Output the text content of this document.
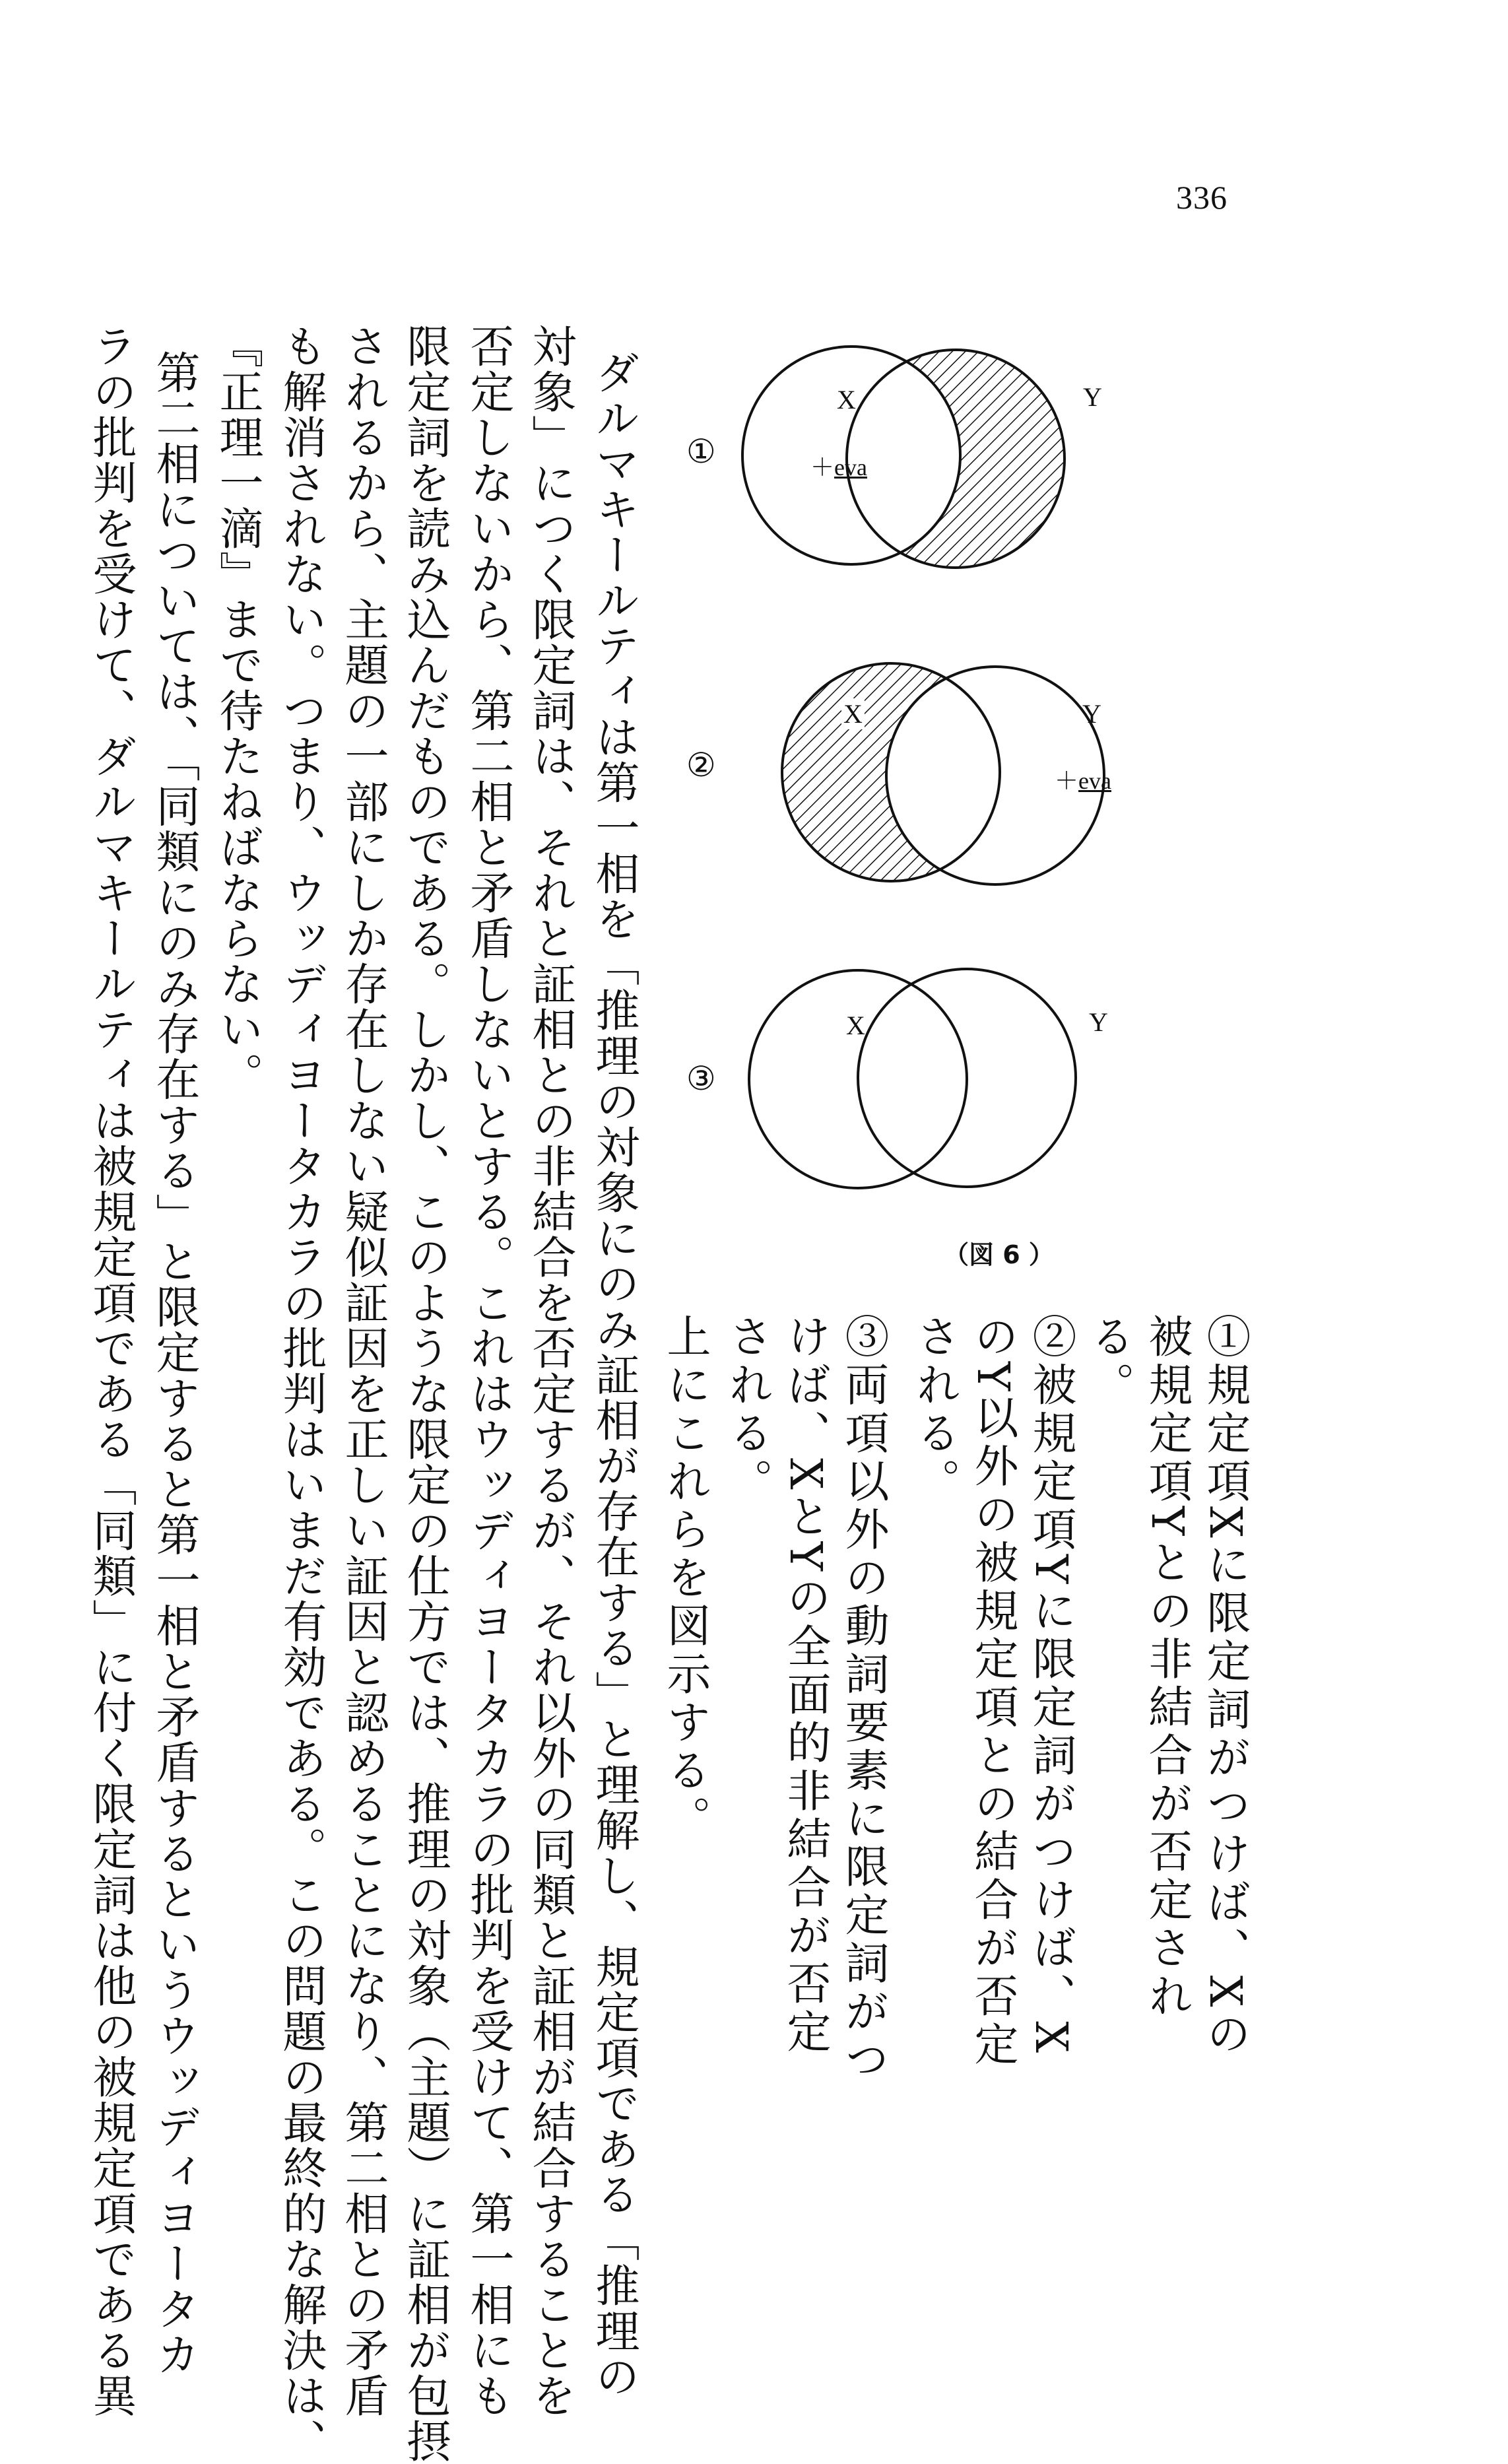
336
①
②
③
X	Y
＋eva
X	Y
＋eva
X	Y
（図 6 ）
①規定項Xに限定詞がつけば、Xの
被規定項Yとの非結合が否定され
る。
②被規定項Yに限定詞がつけば、X
のY以外の被規定項との結合が否定
される。
③両項以外の動詞要素に限定詞がつ
けば、XとYの全面的非結合が否定
される。
上にこれらを図示する。
ダルマキールティは第一相を「推理の対象にのみ証相が存在する」と理解し、規定項である「推理の
対象」につく限定詞は、それと証相との非結合を否定するが、それ以外の同類と証相が結合することを
否定しないから、第二相と矛盾しないとする。これはウッディヨータカラの批判を受けて、第一相にも
限定詞を読み込んだものである。しかし、このような限定の仕方では、推理の対象（主題）に証相が包摂
されるから、主題の一部にしか存在しない疑似証因を正しい証因と認めることになり、第二相との矛盾
も解消されない。つまり、ウッディヨータカラの批判はいまだ有効である。この問題の最終的な解決は、
『正理一滴』まで待たねばならない。
第二相については、「同類にのみ存在する」と限定すると第一相と矛盾するというウッディヨータカ
ラの批判を受けて、ダルマキールティは被規定項である「同類」に付く限定詞は他の被規定項である異
